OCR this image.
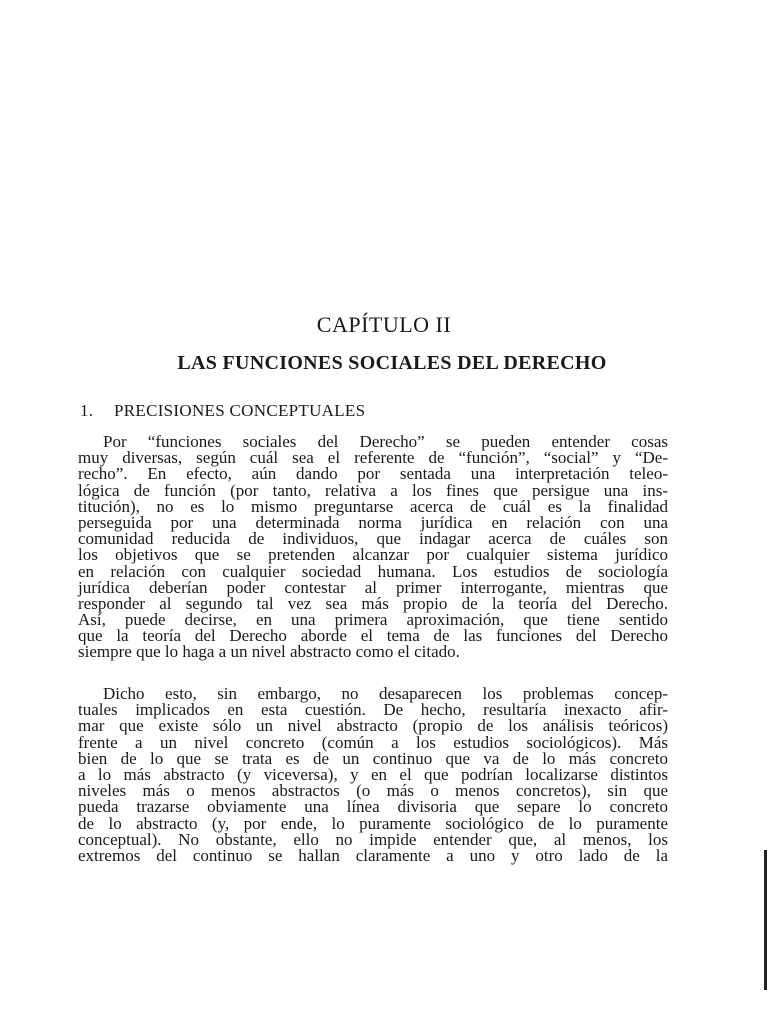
CAPÍTULO II
LAS FUNCIONES SOCIALES DEL DERECHO
1. PRECISIONES CONCEPTUALES
Por “funciones sociales del Derecho” se pueden entender cosas
muy diversas, según cuál sea el referente de “función”, “social” y “De-
recho”. En efecto, aún dando por sentada una interpretación teleo-
lógica de función (por tanto, relativa a los fines que persigue una ins-
titución), no es lo mismo preguntarse acerca de cuál es la finalidad
perseguida por una determinada norma jurídica en relación con una
comunidad reducida de individuos, que indagar acerca de cuáles son
los objetivos que se pretenden alcanzar por cualquier sistema jurídico
en relación con cualquier sociedad humana. Los estudios de sociología
jurídica deberían poder contestar al primer interrogante, mientras que
responder al segundo tal vez sea más propio de la teoría del Derecho.
Así, puede decirse, en una primera aproximación, que tiene sentido
que la teoría del Derecho aborde el tema de las funciones del Derecho
siempre que lo haga a un nivel abstracto como el citado.
Dicho esto, sin embargo, no desaparecen los problemas concep-
tuales implicados en esta cuestión. De hecho, resultaría inexacto afir-
mar que existe sólo un nivel abstracto (propio de los análisis teóricos)
frente a un nivel concreto (común a los estudios sociológicos). Más
bien de lo que se trata es de un continuo que va de lo más concreto
a lo más abstracto (y viceversa), y en el que podrían localizarse distintos
niveles más o menos abstractos (o más o menos concretos), sin que
pueda trazarse obviamente una línea divisoria que separe lo concreto
de lo abstracto (y, por ende, lo puramente sociológico de lo puramente
conceptual). No obstante, ello no impide entender que, al menos, los
extremos del continuo se hallan claramente a uno y otro lado de la
